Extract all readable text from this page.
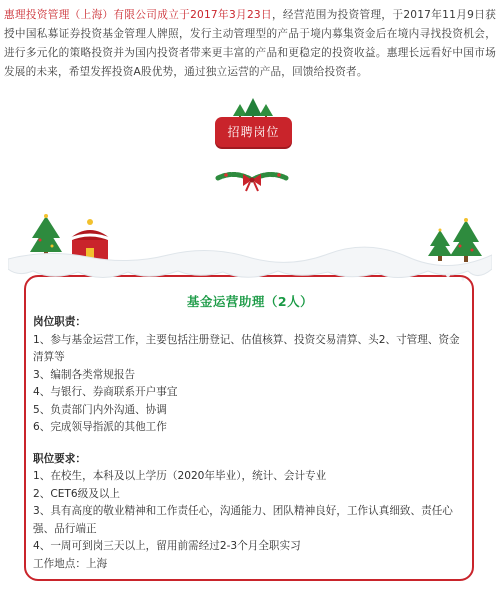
惠理投资管理（上海）有限公司成立于2017年3月23日，经营范围为投资管理，于2017年11月9日获授中国私募证券投资基金管理人牌照，发行主动管理型的产品于境内募集资金后在境内寻找投资机会，进行多元化的策略投资并为国内投资者带来更丰富的产品和更稳定的投资收益。惠理长远看好中国市场发展的未来，希望发挥投资A股优势，通过独立运营的产品，回馈给投资者。
招聘岗位
基金运营助理（2人）
岗位职责：
1、参与基金运营工作，主要包括注册登记、估值核算、投资交易清算、头2、寸管理、资金清算等
3、编制各类常规报告
4、与银行、券商联系开户事宜
5、负责部门内外沟通、协调
6、完成领导指派的其他工作
职位要求：
1、在校生，本科及以上学历（2020年毕业），统计、会计专业
2、CET6级及以上
3、具有高度的敬业精神和工作责任心，沟通能力、团队精神良好，工作认真细致、责任心强、品行端正
4、一周可到岗三天以上，留用前需经过2-3个月全职实习
工作地点：上海
